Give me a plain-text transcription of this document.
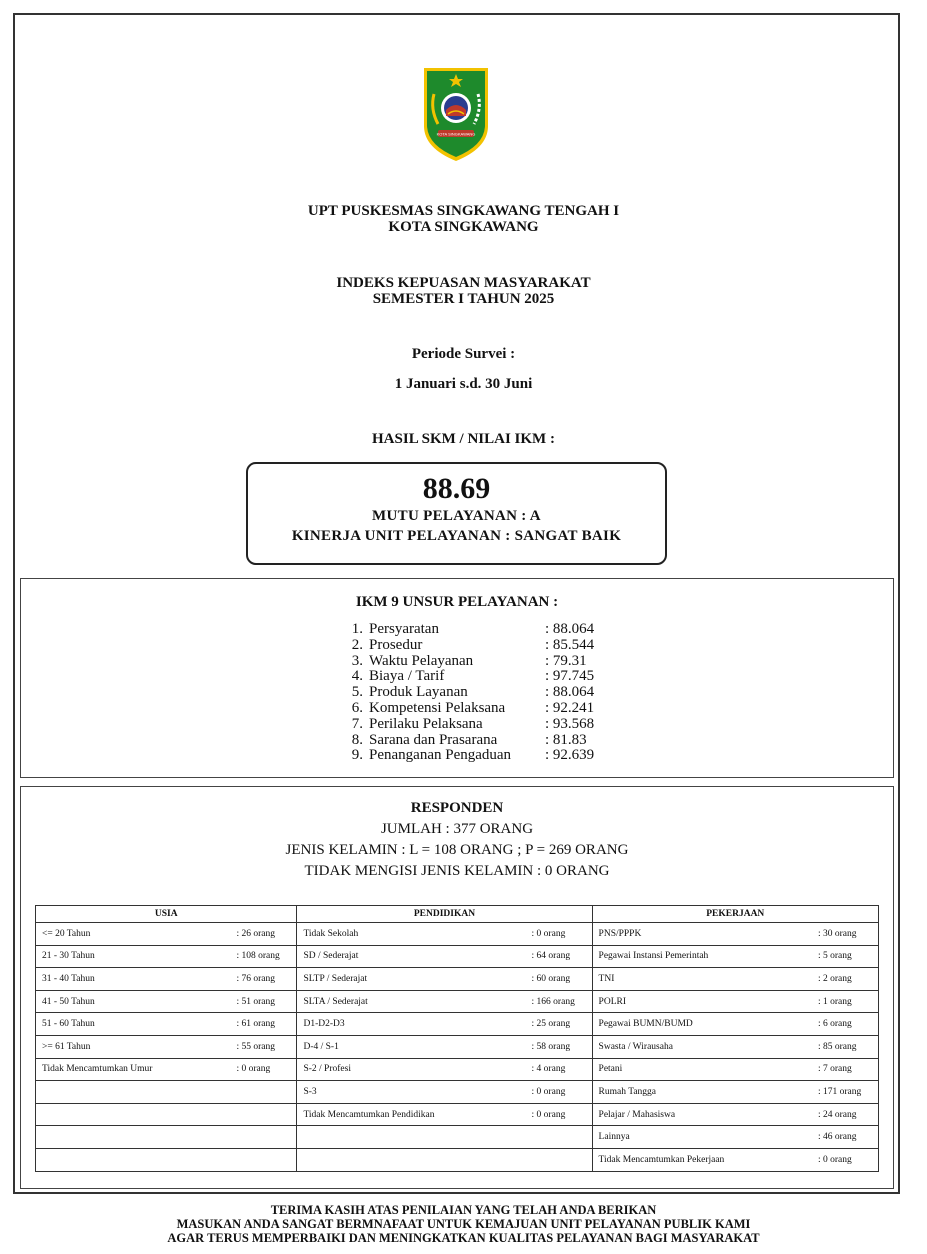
KOTA SINGKAWANG
UPT PUSKESMAS SINGKAWANG TENGAH I
KOTA SINGKAWANG
INDEKS KEPUASAN MASYARAKAT
SEMESTER I TAHUN 2025
Periode Survei :
1 Januari s.d. 30 Juni
HASIL SKM / NILAI IKM :
88.69
MUTU PELAYANAN : A
KINERJA UNIT PELAYANAN : SANGAT BAIK
IKM 9 UNSUR PELAYANAN :
1. Persyaratan	: 88.064
2. Prosedur	: 85.544
3. Waktu Pelayanan	: 79.31
4. Biaya / Tarif	: 97.745
5. Produk Layanan	: 88.064
6. Kompetensi Pelaksana	: 92.241
7. Perilaku Pelaksana	: 93.568
8. Sarana dan Prasarana	: 81.83
9. Penanganan Pengaduan	: 92.639
RESPONDEN
JUMLAH : 377 ORANG
JENIS KELAMIN : L = 108 ORANG ; P = 269 ORANG
TIDAK MENGISI JENIS KELAMIN : 0 ORANG
USIA		PENDIDIKAN		PEKERJAAN	
<= 20 Tahun	: 26 orang	Tidak Sekolah	: 0 orang	PNS/PPPK	: 30 orang
21 - 30 Tahun	: 108 orang	SD / Sederajat	: 64 orang	Pegawai Instansi Pemerintah	: 5 orang
31 - 40 Tahun	: 76 orang	SLTP / Sederajat	: 60 orang	TNI	: 2 orang
41 - 50 Tahun	: 51 orang	SLTA / Sederajat	: 166 orang	POLRI	: 1 orang
51 - 60 Tahun	: 61 orang	D1-D2-D3	: 25 orang	Pegawai BUMN/BUMD	: 6 orang
>= 61 Tahun	: 55 orang	D-4 / S-1	: 58 orang	Swasta / Wirausaha	: 85 orang
Tidak Mencamtumkan Umur	: 0 orang	S-2 / Profesi	: 4 orang	Petani	: 7 orang
		S-3	: 0 orang	Rumah Tangga	: 171 orang
		Tidak Mencamtumkan Pendidikan	: 0 orang	Pelajar / Mahasiswa	: 24 orang
				Lainnya	: 46 orang
				Tidak Mencamtumkan Pekerjaan	: 0 orang
TERIMA KASIH ATAS PENILAIAN YANG TELAH ANDA BERIKAN
MASUKAN ANDA SANGAT BERMNAFAAT UNTUK KEMAJUAN UNIT PELAYANAN PUBLIK KAMI
AGAR TERUS MEMPERBAIKI DAN MENINGKATKAN KUALITAS PELAYANAN BAGI MASYARAKAT
